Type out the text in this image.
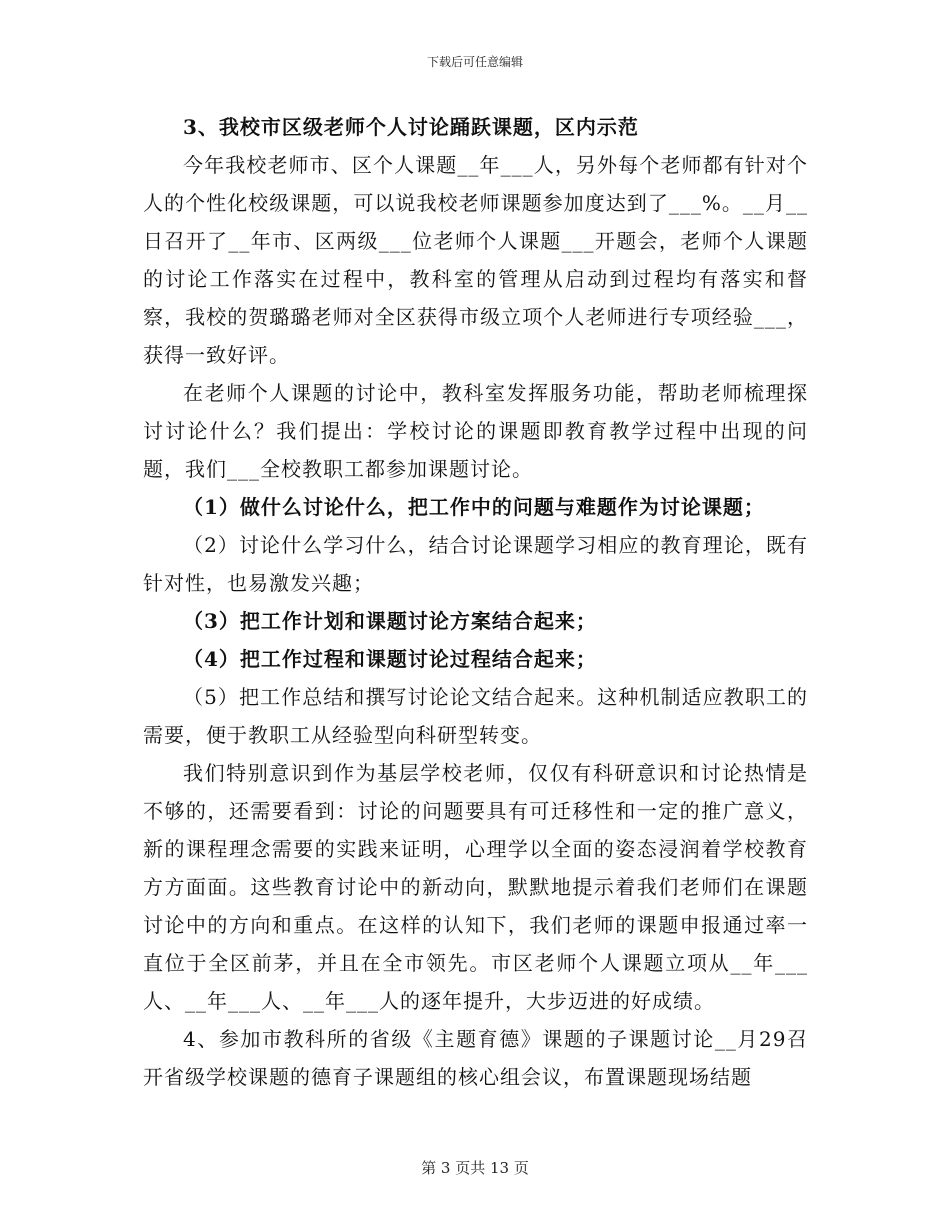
下载后可任意编辑

3、我校市区级老师个人讨论踊跃课题，区内示范

今年我校老师市、区个人课题__年___人，另外每个老师都有针对个人的个性化校级课题，可以说我校老师课题参加度达到了___%。__月__日召开了__年市、区两级___位老师个人课题___开题会，老师个人课题的讨论工作落实在过程中，教科室的管理从启动到过程均有落实和督察，我校的贺璐璐老师对全区获得市级立项个人老师进行专项经验___，获得一致好评。

在老师个人课题的讨论中，教科室发挥服务功能，帮助老师梳理探讨讨论什么？我们提出：学校讨论的课题即教育教学过程中出现的问题，我们___全校教职工都参加课题讨论。

（1）做什么讨论什么，把工作中的问题与难题作为讨论课题；

（2）讨论什么学习什么，结合讨论课题学习相应的教育理论，既有针对性，也易激发兴趣；

（3）把工作计划和课题讨论方案结合起来；

（4）把工作过程和课题讨论过程结合起来；

（5）把工作总结和撰写讨论论文结合起来。这种机制适应教职工的需要，便于教职工从经验型向科研型转变。

我们特别意识到作为基层学校老师，仅仅有科研意识和讨论热情是不够的，还需要看到：讨论的问题要具有可迁移性和一定的推广意义，新的课程理念需要的实践来证明，心理学以全面的姿态浸润着学校教育方方面面。这些教育讨论中的新动向，默默地提示着我们老师们在课题讨论中的方向和重点。在这样的认知下，我们老师的课题申报通过率一直位于全区前茅，并且在全市领先。市区老师个人课题立项从__年___人、__年___人、__年___人的逐年提升，大步迈进的好成绩。

4、参加市教科所的省级《主题育德》课题的子课题讨论__月29召开省级学校课题的德育子课题组的核心组会议，布置课题现场结题

第 3 页共 13 页
